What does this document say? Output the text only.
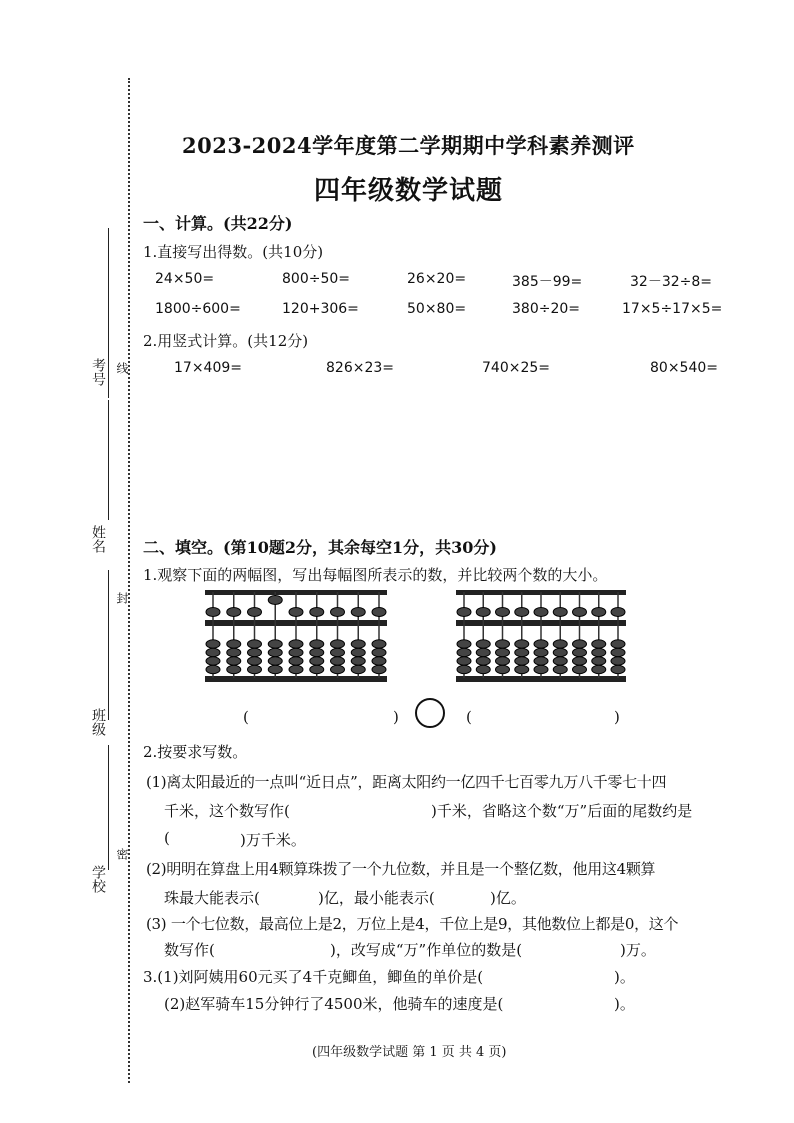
考号
姓名
班级
学校
线
封
密
2023-2024学年度第二学期期中学科素养测评
四年级数学试题
一、计算。(共22分)
1.直接写出得数。(共10分)
24×50=	800÷50=	26×20=	385－99=	32－32÷8=
1800÷600=	120+306=	50×80=	380÷20=	17×5÷17×5=
2.用竖式计算。(共12分)
17×409=	826×23=	740×25=	80×540=
二、填空。(第10题2分，其余每空1分，共30分)
1.观察下面的两幅图，写出每幅图所表示的数，并比较两个数的大小。
(	)	(	)
2.按要求写数。
(1)离太阳最近的一点叫“近日点”，距离太阳约一亿四千七百零九万八千零七十四
千米，这个数写作(	)千米，省略这个数“万”后面的尾数约是
(	)万千米。
(2)明明在算盘上用4颗算珠拨了一个九位数，并且是一个整亿数，他用这4颗算
珠最大能表示(	)亿，最小能表示(	)亿。
(3) 一个七位数，最高位上是2，万位上是4，千位上是9，其他数位上都是0，这个
数写作(	)，改写成“万”作单位的数是(	)万。
3.(1)刘阿姨用60元买了4千克鲫鱼，鲫鱼的单价是(	)。
(2)赵军骑车15分钟行了4500米，他骑车的速度是(	)。
(四年级数学试题 第 1 页 共 4 页)
